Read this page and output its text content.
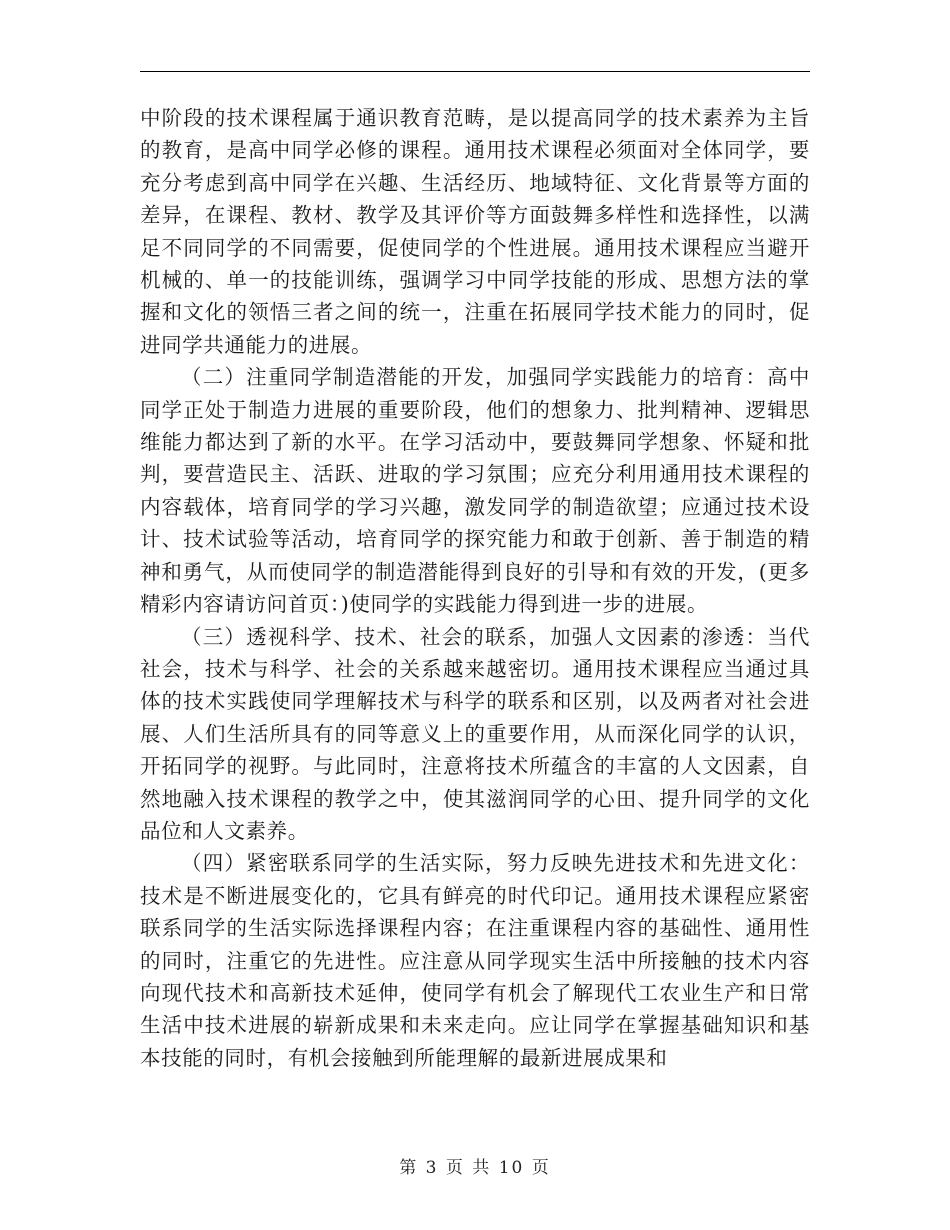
中阶段的技术课程属于通识教育范畴，是以提高同学的技术素养为主旨的教育，是高中同学必修的课程。通用技术课程必须面对全体同学，要充分考虑到高中同学在兴趣、生活经历、地域特征、文化背景等方面的差异，在课程、教材、教学及其评价等方面鼓舞多样性和选择性，以满足不同同学的不同需要，促使同学的个性进展。通用技术课程应当避开机械的、单一的技能训练，强调学习中同学技能的形成、思想方法的掌握和文化的领悟三者之间的统一，注重在拓展同学技术能力的同时，促进同学共通能力的进展。

（二）注重同学制造潜能的开发，加强同学实践能力的培育：高中同学正处于制造力进展的重要阶段，他们的想象力、批判精神、逻辑思维能力都达到了新的水平。在学习活动中，要鼓舞同学想象、怀疑和批判，要营造民主、活跃、进取的学习氛围；应充分利用通用技术课程的内容载体，培育同学的学习兴趣，激发同学的制造欲望；应通过技术设计、技术试验等活动，培育同学的探究能力和敢于创新、善于制造的精神和勇气，从而使同学的制造潜能得到良好的引导和有效的开发，(更多精彩内容请访问首页：)使同学的实践能力得到进一步的进展。

（三）透视科学、技术、社会的联系，加强人文因素的渗透：当代社会，技术与科学、社会的关系越来越密切。通用技术课程应当通过具体的技术实践使同学理解技术与科学的联系和区别，以及两者对社会进展、人们生活所具有的同等意义上的重要作用，从而深化同学的认识，开拓同学的视野。与此同时，注意将技术所蕴含的丰富的人文因素，自然地融入技术课程的教学之中，使其滋润同学的心田、提升同学的文化品位和人文素养。

（四）紧密联系同学的生活实际，努力反映先进技术和先进文化：技术是不断进展变化的，它具有鲜亮的时代印记。通用技术课程应紧密联系同学的生活实际选择课程内容；在注重课程内容的基础性、通用性的同时，注重它的先进性。应注意从同学现实生活中所接触的技术内容向现代技术和高新技术延伸，使同学有机会了解现代工农业生产和日常生活中技术进展的崭新成果和未来走向。应让同学在掌握基础知识和基本技能的同时，有机会接触到所能理解的最新进展成果和

第 3 页 共 10 页
